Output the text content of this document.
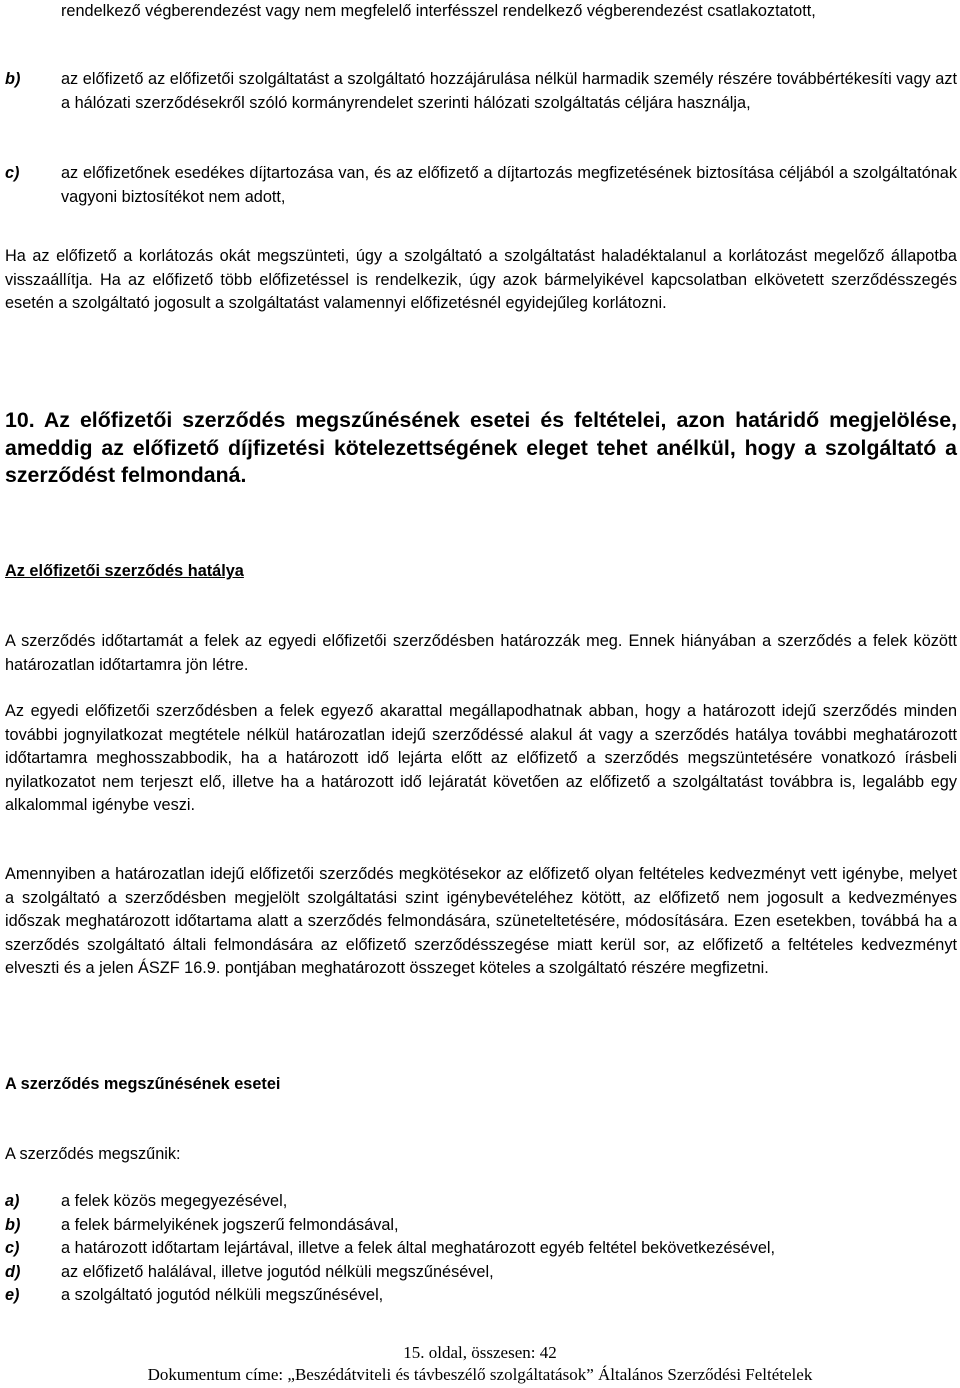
rendelkező végberendezést vagy nem megfelelő interfésszel rendelkező végberendezést csatlakoztatott,
b) az előfizető az előfizetői szolgáltatást a szolgáltató hozzájárulása nélkül harmadik személy részére továbbértékesíti vagy azt a hálózati szerződésekről szóló kormányrendelet szerinti hálózati szolgáltatás céljára használja,
c)	az előfizetőnek esedékes díjtartozása van, és az előfizető a díjtartozás megfizetésének biztosítása céljából a szolgáltatónak vagyoni biztosítékot nem adott,
Ha az előfizető a korlátozás okát megszünteti, úgy a szolgáltató a szolgáltatást haladéktalanul a korlátozást megelőző állapotba visszaállítja. Ha az előfizető több előfizetéssel is rendelkezik, úgy azok bármelyikével kapcsolatban elkövetett szerződésszegés esetén a szolgáltató jogosult a szolgáltatást valamennyi előfizetésnél egyidejűleg korlátozni.
10. Az előfizetői szerződés megszűnésének esetei és feltételei, azon határidő megjelölése, ameddig az előfizető díjfizetési kötelezettségének eleget tehet anélkül, hogy a szolgáltató a szerződést felmondaná.
Az előfizetői szerződés hatálya
A szerződés időtartamát a felek az egyedi előfizetői szerződésben határozzák meg. Ennek hiányában a szerződés a felek között határozatlan időtartamra jön létre.
Az egyedi előfizetői szerződésben a felek egyező akarattal megállapodhatnak abban, hogy a határozott idejű szerződés minden további jognyilatkozat megtétele nélkül határozatlan idejű szerződéssé alakul át vagy a szerződés hatálya további meghatározott időtartamra meghosszabbodik, ha a határozott idő lejárta előtt az előfizető a szerződés megszüntetésére vonatkozó írásbeli nyilatkozatot nem terjeszt elő, illetve ha a határozott idő lejáratát követően az előfizető a szolgáltatást továbbra is, legalább egy alkalommal igénybe veszi.
Amennyiben a határozatlan idejű előfizetői szerződés megkötésekor az előfizető olyan feltételes kedvezményt vett igénybe, melyet a szolgáltató a szerződésben megjelölt szolgáltatási szint igénybevételéhez kötött, az előfizető nem jogosult a kedvezményes időszak meghatározott időtartama alatt a szerződés felmondására, szüneteltetésére, módosítására. Ezen esetekben, továbbá ha a szerződés szolgáltató általi felmondására az előfizető szerződésszegése miatt kerül sor, az előfizető a feltételes kedvezményt elveszti és a jelen ÁSZF 16.9. pontjában meghatározott összeget köteles a szolgáltató részére megfizetni.
A szerződés megszűnésének esetei
A szerződés megszűnik:
a)	a felek közös megegyezésével,
b) a felek bármelyikének jogszerű felmondásával,
c)	a határozott időtartam lejártával, illetve a felek által meghatározott egyéb feltétel bekövetkezésével,
d) az előfizető halálával, illetve jogutód nélküli megszűnésével,
e)	a szolgáltató jogutód nélküli megszűnésével,
15. oldal, összesen: 42
Dokumentum címe: „Beszédátviteli és távbeszélő szolgáltatások” Általános Szerződési Feltételek
